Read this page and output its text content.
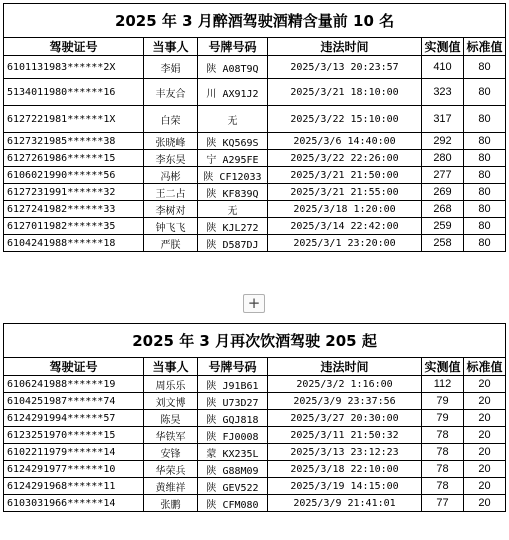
2025 年 3 月醉酒驾驶酒精含量前 10 名					
驾驶证号	当事人	号牌号码	违法时间	实测值	标准值
6101131983******2X	李娟	陕 A08T9Q	2025/3/13 20:23:57	410	80
5134011980******16	丰友合	川 AX91J2	2025/3/21 18:10:00	323	80
6127221981******1X	白荣	无	2025/3/22 15:10:00	317	80
6127321985******38	张晓峰	陕 KQ569S	2025/3/6 14:40:00	292	80
6127261986******15	李东昊	宁 A295FE	2025/3/22 22:26:00	280	80
6106021990******56	冯彬	陕 CF12033	2025/3/21 21:50:00	277	80
6127231991******32	王二占	陕 KF839Q	2025/3/21 21:55:00	269	80
6127241982******33	李树对	无	2025/3/18 1:20:00	268	80
6127011982******35	钟飞飞	陕 KJL272	2025/3/14 22:42:00	259	80
6104241988******18	严朕	陕 D587DJ	2025/3/1 23:20:00	258	80
+
2025 年 3 月再次饮酒驾驶 205 起					
驾驶证号	当事人	号牌号码	违法时间	实测值	标准值
6106241988******19	周乐乐	陕 J91B61	2025/3/2 1:16:00	112	20
6104251987******74	刘文博	陕 U73D27	2025/3/9 23:37:56	79	20
6124291994******57	陈昊	陕 GQJ818	2025/3/27 20:30:00	79	20
6123251970******15	华铁军	陕 FJ0008	2025/3/11 21:50:32	78	20
6102211979******14	安锋	蒙 KX235L	2025/3/13 23:12:23	78	20
6124291977******10	华荣兵	陕 G88M09	2025/3/18 22:10:00	78	20
6124291968******11	黄维祥	陕 GEV522	2025/3/19 14:15:00	78	20
6103031966******14	张鹏	陕 CFM080	2025/3/9 21:41:01	77	20
